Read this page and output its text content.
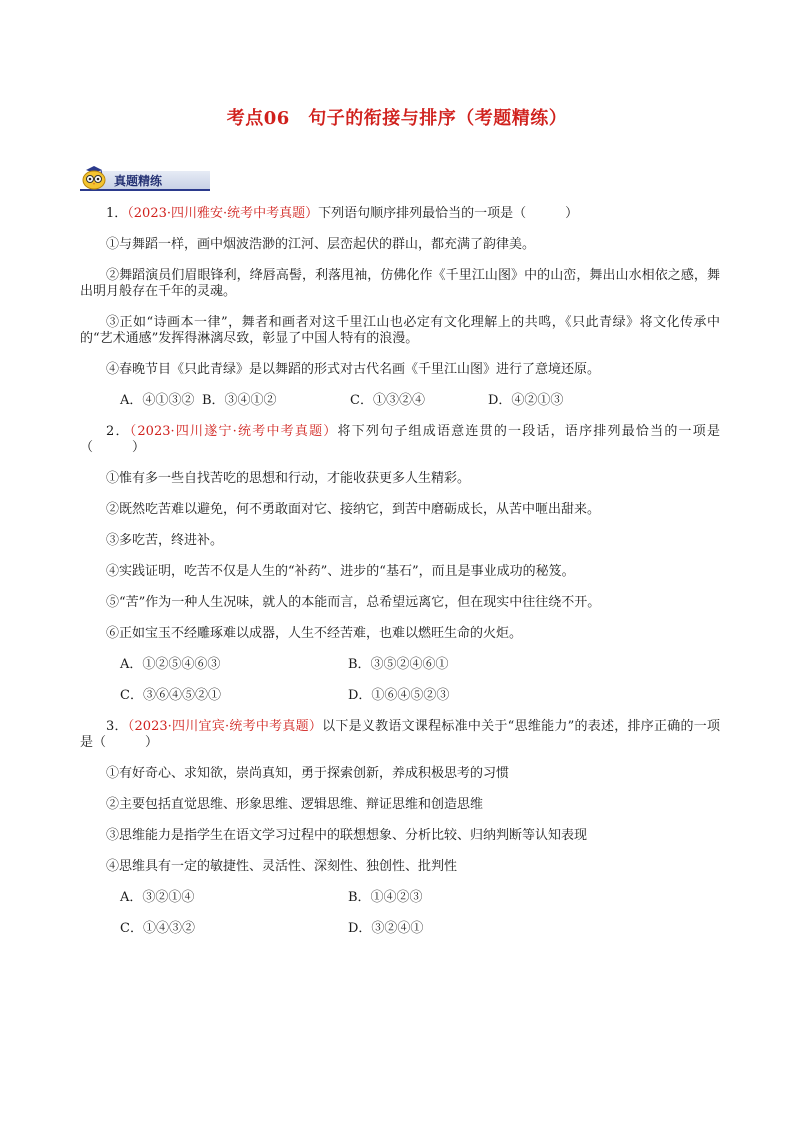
考点06　句子的衔接与排序（考题精练）
真题精练
1．（2023·四川雅安·统考中考真题）下列语句顺序排列最恰当的一项是（　　　）
①与舞蹈一样，画中烟波浩渺的江河、层峦起伏的群山，都充满了韵律美。
②舞蹈演员们眉眼锋利，绛唇高髻，利落甩袖，仿佛化作《千里江山图》中的山峦，舞出山水相依之感，舞出明月般存在千年的灵魂。
③正如“诗画本一律”，舞者和画者对这千里江山也必定有文化理解上的共鸣，《只此青绿》将文化传承中的“艺术通感”发挥得淋漓尽致，彰显了中国人特有的浪漫。
④春晚节目《只此青绿》是以舞蹈的形式对古代名画《千里江山图》进行了意境还原。
A．④①③② B．③④①②	C．①③②④	D．④②①③
2．（2023·四川遂宁·统考中考真题）将下列句子组成语意连贯的一段话，语序排列最恰当的一项是（　　　）
①惟有多一些自找苦吃的思想和行动，才能收获更多人生精彩。
②既然吃苦难以避免，何不勇敢面对它、接纳它，到苦中磨砺成长，从苦中咂出甜来。
③多吃苦，终进补。
④实践证明，吃苦不仅是人生的“补药”、进步的“基石”，而且是事业成功的秘笈。
⑤“苦”作为一种人生况味，就人的本能而言，总希望远离它，但在现实中往往绕不开。
⑥正如宝玉不经雕琢难以成器，人生不经苦难，也难以燃旺生命的火炬。
A．①②⑤④⑥③	B．③⑤②④⑥①
C．③⑥④⑤②①	D．①⑥④⑤②③
3．（2023·四川宜宾·统考中考真题）以下是义教语文课程标准中关于“思维能力”的表述，排序正确的一项是（　　　）
①有好奇心、求知欲，崇尚真知，勇于探索创新，养成积极思考的习惯
②主要包括直觉思维、形象思维、逻辑思维、辩证思维和创造思维
③思维能力是指学生在语文学习过程中的联想想象、分析比较、归纳判断等认知表现
④思维具有一定的敏捷性、灵活性、深刻性、独创性、批判性
A．③②①④	B．①④②③
C．①④③②	D．③②④①
